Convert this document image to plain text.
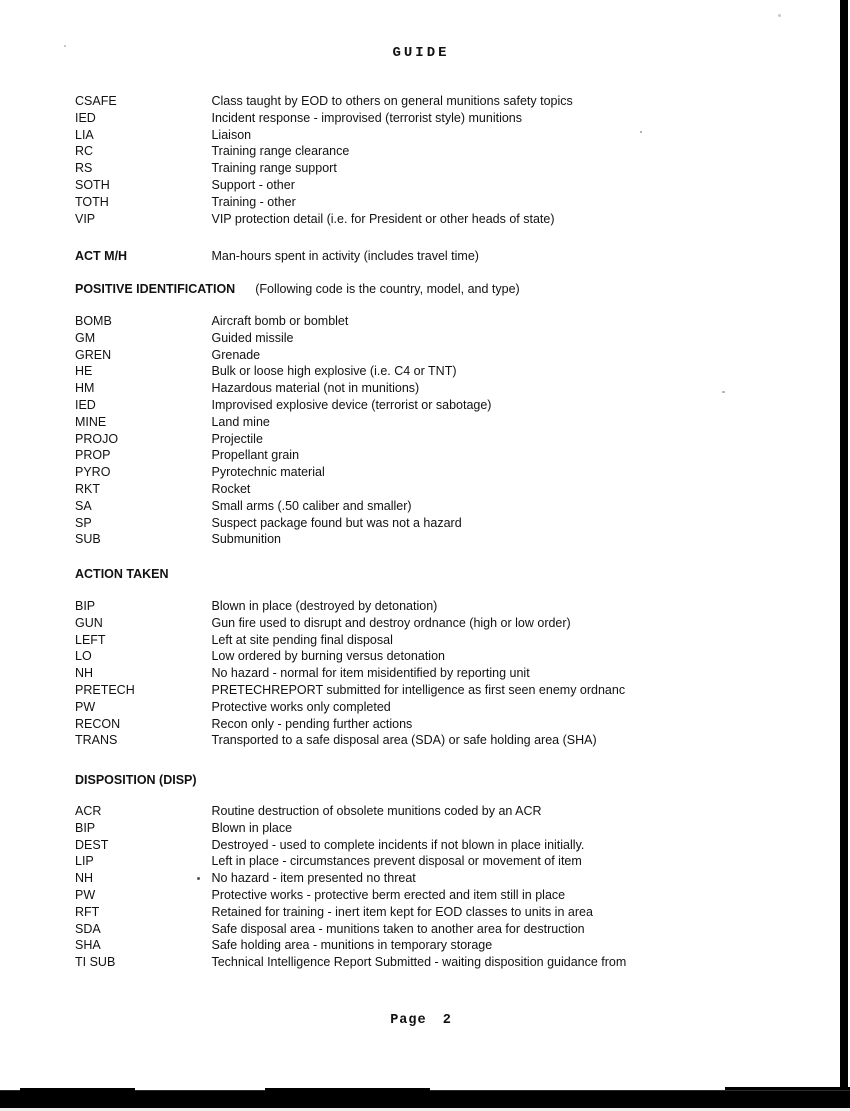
GUIDE
CSAFE	Class taught by EOD to others on general munitions safety topics
IED	Incident response - improvised (terrorist style) munitions
LIA	Liaison
RC	Training range clearance
RS	Training range support
SOTH	Support - other
TOTH	Training - other
VIP	VIP protection detail (i.e. for President or other heads of state)
ACT M/H	Man-hours spent in activity (includes travel time)
POSITIVE IDENTIFICATION (Following code is the country, model, and type)
BOMB	Aircraft bomb or bomblet
GM	Guided missile
GREN	Grenade
HE	Bulk or loose high explosive (i.e. C4 or TNT)
HM	Hazardous material (not in munitions)
IED	Improvised explosive device (terrorist or sabotage)
MINE	Land mine
PROJO	Projectile
PROP	Propellant grain
PYRO	Pyrotechnic material
RKT	Rocket
SA	Small arms (.50 caliber and smaller)
SP	Suspect package found but was not a hazard
SUB	Submunition
ACTION TAKEN
BIP	Blown in place (destroyed by detonation)
GUN	Gun fire used to disrupt and destroy ordnance (high or low order)
LEFT	Left at site pending final disposal
LO	Low ordered by burning versus detonation
NH	No hazard - normal for item misidentified by reporting unit
PRETECH	PRETECHREPORT submitted for intelligence as first seen enemy ordnanc
PW	Protective works only completed
RECON	Recon only - pending further actions
TRANS	Transported to a safe disposal area (SDA) or safe holding area (SHA)
DISPOSITION (DISP)
ACR	Routine destruction of obsolete munitions coded by an ACR
BIP	Blown in place
DEST	Destroyed - used to complete incidents if not blown in place initially.
LIP	Left in place - circumstances prevent disposal or movement of item
NH	No hazard - item presented no threat
PW	Protective works - protective berm erected and item still in place
RFT	Retained for training - inert item kept for EOD classes to units in area
SDA	Safe disposal area - munitions taken to another area for destruction
SHA	Safe holding area - munitions in temporary storage
TI SUB	Technical Intelligence Report Submitted - waiting disposition guidance from
Page 2
